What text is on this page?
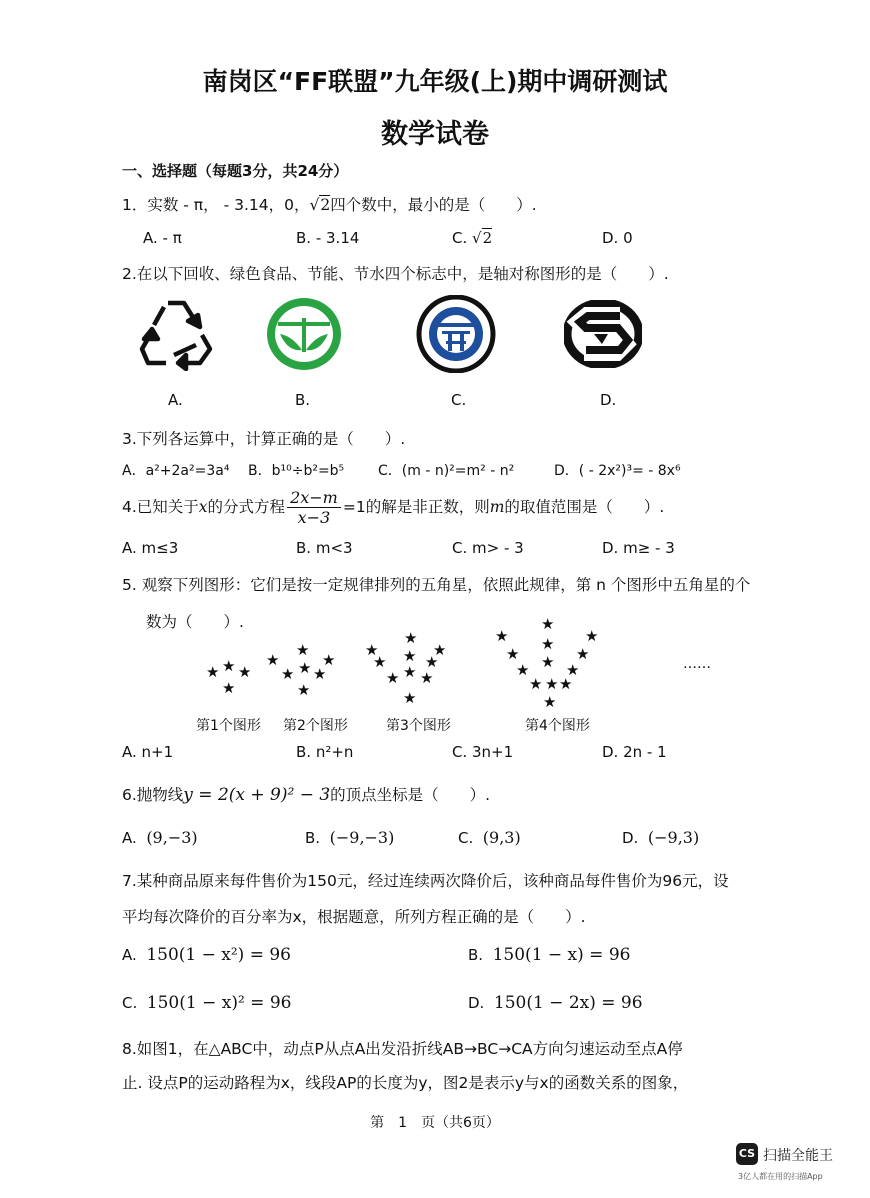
南岗区“FF联盟”九年级(上)期中调研测试
数学试卷
一、选择题（每题3分，共24分）
1．实数 - π， - 3.14，0，√2四个数中，最小的是（　　）.
A. - π	B. - 3.14	C. √2	D. 0
2.在以下回收、绿色食品、节能、节水四个标志中，是轴对称图形的是（　　）.
A.	B.	C.	D.
3.下列各运算中，计算正确的是（　　）.
A．a²+2a²=3a⁴ B．b¹⁰÷b²=b⁵ C．(m - n)²=m² - n²	D．( - 2x²)³= - 8x⁶
4.已知关于x的分式方程 $\frac{2x-m}{x-3} =1$的解是非正数，则m的取值范围是（　　）.
A. m≤3	B. m<3	C. m> - 3	D. m≥ - 3
5. 观察下列图形：它们是按一定规律排列的五角星，依照此规律，第 n 个图形中五角星的个
数为（　　）.
★ ★ ★
★
★
★
★
★ ★ ★
★
★
★
★
★ ★ ★
★ ★ ★
★
★
★
★
★
★
★
★ ★ ★
★ ★ ★
★
……
第1个图形 第2个图形	第3个图形	第4个图形
A. n+1	B. n²+n	C. 3n+1	D. 2n - 1
6.抛物线y = 2(x + 9)² − 3的顶点坐标是（　　）.
A. (9,−3)	B. (−9,−3)	C. (9,3)	D. (−9,3)
7.某种商品原来每件售价为150元，经过连续两次降价后，该种商品每件售价为96元，设
平均每次降价的百分率为x，根据题意，所列方程正确的是（　　）.
A. 150(1 − x²) = 96	B. 150(1 − x) = 96
C. 150(1 − x)² = 96	D. 150(1 − 2x) = 96
8.如图1，在△ABC中，动点P从点A出发沿折线AB→BC→CA方向匀速运动至点A停
止. 设点P的运动路程为x，线段AP的长度为y，图2是表示y与x的函数关系的图象，
第　1　页（共6页）
CS 扫描全能王
3亿人都在用的扫描App
